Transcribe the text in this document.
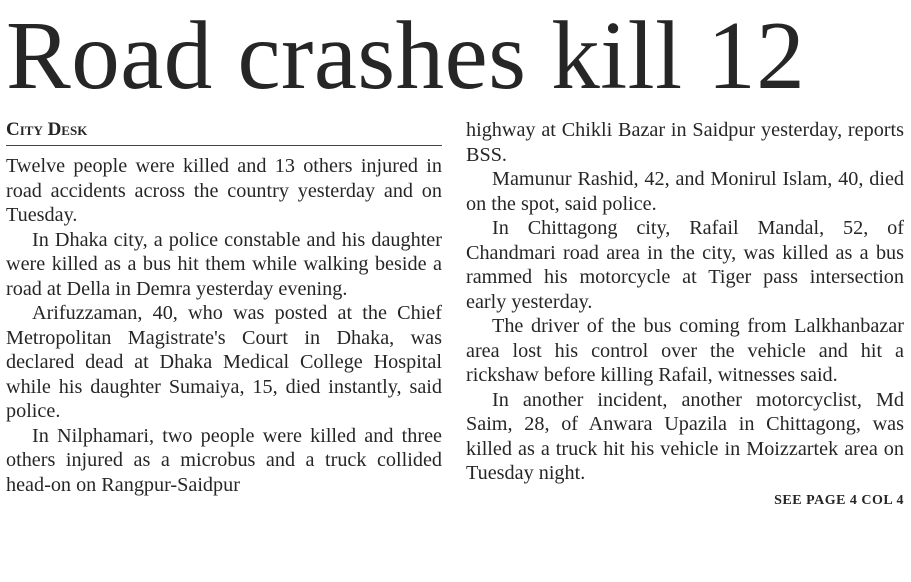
Road crashes kill 12
City Desk

Twelve people were killed and 13 others injured in road accidents across the country yesterday and on Tuesday.

In Dhaka city, a police constable and his daughter were killed as a bus hit them while walking beside a road at Della in Demra yesterday evening.

Arifuzzaman, 40, who was posted at the Chief Metropolitan Magistrate's Court in Dhaka, was declared dead at Dhaka Medical College Hospital while his daughter Sumaiya, 15, died instantly, said police.

In Nilphamari, two people were killed and three others injured as a microbus and a truck collided head-on on Rangpur-Saidpur

highway at Chikli Bazar in Saidpur yesterday, reports BSS.

Mamunur Rashid, 42, and Monirul Islam, 40, died on the spot, said police.

In Chittagong city, Rafail Mandal, 52, of Chandmari road area in the city, was killed as a bus rammed his motorcycle at Tiger pass intersection early yesterday.

The driver of the bus coming from Lalkhanbazar area lost his control over the vehicle and hit a rickshaw before killing Rafail, witnesses said.

In another incident, another motorcyclist, Md Saim, 28, of Anwara Upazila in Chittagong, was killed as a truck hit his vehicle in Moizzartek area on Tuesday night.

SEE PAGE 4 COL 4
